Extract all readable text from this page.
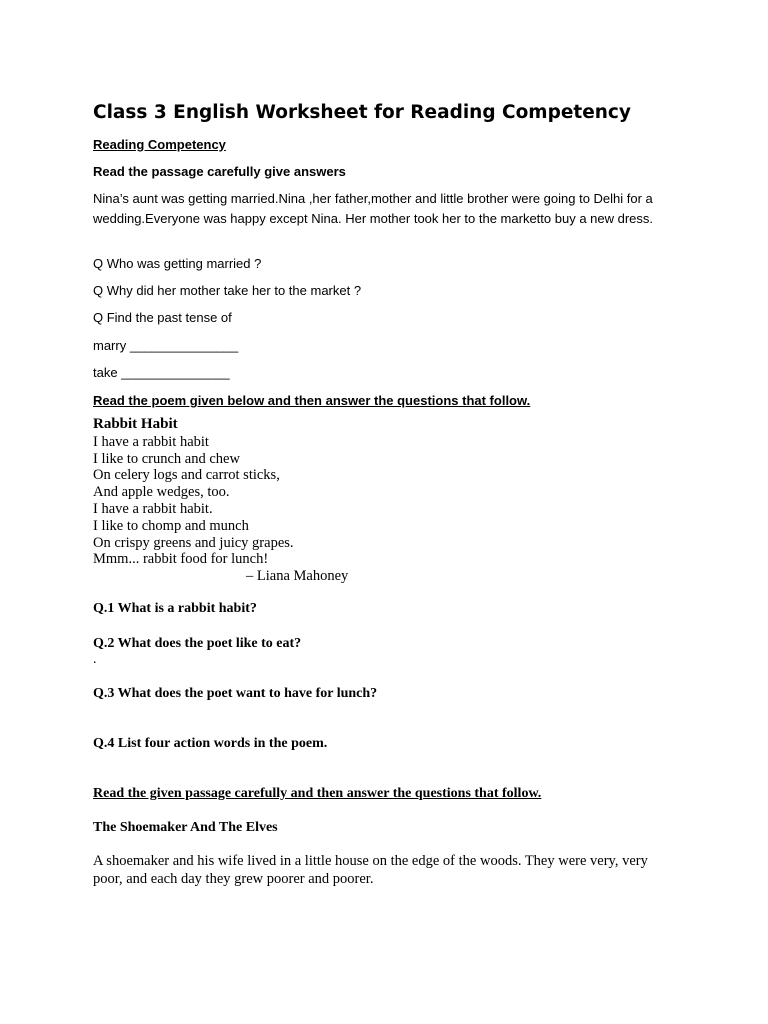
Class 3 English Worksheet for Reading Competency
Reading Competency
Read the passage carefully give answers
Nina’s aunt was getting married.Nina ,her father,mother and little brother were going to Delhi for a wedding.Everyone was happy except Nina. Her mother took her to the marketto buy a new dress.
Q Who was getting married ?
Q Why did her mother take her to the market ?
Q Find the past tense of
marry _______________
take _______________
Read the poem given below and then answer the questions that follow.
Rabbit Habit
I have a rabbit habit
I like to crunch and chew
On celery logs and carrot sticks,
And apple wedges, too.
I have a rabbit habit.
I like to chomp and munch
On crispy greens and juicy grapes.
Mmm... rabbit food for lunch!
– Liana Mahoney
Q.1 What is a rabbit habit?
Q.2 What does the poet like to eat?
.
Q.3 What does the poet want to have for lunch?
Q.4 List four action words in the poem.
Read the given passage carefully and then answer the questions that follow.
The Shoemaker And The Elves
A shoemaker and his wife lived in a little house on the edge of the woods. They were very, very poor, and each day they grew poorer and poorer.
